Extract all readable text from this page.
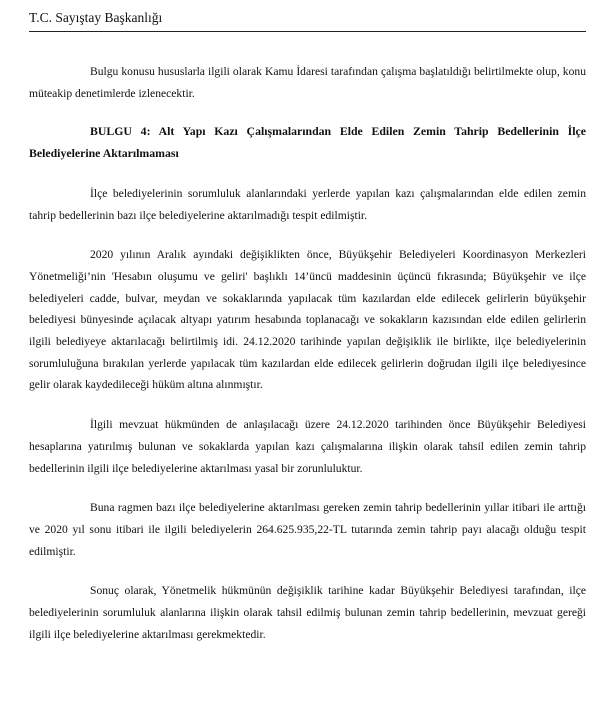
T.C. Sayıştay Başkanlığı

Bulgu konusu hususlarla ilgili olarak Kamu İdaresi tarafından çalışma başlatıldığı belirtilmekte olup, konu müteakip denetimlerde izlenecektir.

BULGU 4: Alt Yapı Kazı Çalışmalarından Elde Edilen Zemin Tahrip Bedellerinin İlçe Belediyelerine Aktarılmaması

İlçe belediyelerinin sorumluluk alanlarındaki yerlerde yapılan kazı çalışmalarından elde edilen zemin tahrip bedellerinin bazı ilçe belediyelerine aktarılmadığı tespit edilmiştir.

2020 yılının Aralık ayındaki değişiklikten önce, Büyükşehir Belediyeleri Koordinasyon Merkezleri Yönetmeliği’nin 'Hesabın oluşumu ve geliri' başlıklı 14’üncü maddesinin üçüncü fıkrasında; Büyükşehir ve ilçe belediyeleri cadde, bulvar, meydan ve sokaklarında yapılacak tüm kazılardan elde edilecek gelirlerin büyükşehir belediyesi bünyesinde açılacak altyapı yatırım hesabında toplanacağı ve sokakların kazısından elde edilen gelirlerin ilgili belediyeye aktarılacağı belirtilmiş idi. 24.12.2020 tarihinde yapılan değişiklik ile birlikte, ilçe belediyelerinin sorumluluğuna bırakılan yerlerde yapılacak tüm kazılardan elde edilecek gelirlerin doğrudan ilgili ilçe belediyesince gelir olarak kaydedileceği hüküm altına alınmıştır.

İlgili mevzuat hükmünden de anlaşılacağı üzere 24.12.2020 tarihinden önce Büyükşehir Belediyesi hesaplarına yatırılmış bulunan ve sokaklarda yapılan kazı çalışmalarına ilişkin olarak tahsil edilen zemin tahrip bedellerinin ilgili ilçe belediyelerine aktarılması yasal bir zorunluluktur.

Buna ragmen bazı ilçe belediyelerine aktarılması gereken zemin tahrip bedellerinin yıllar itibari ile arttığı ve 2020 yıl sonu itibari ile ilgili belediyelerin 264.625.935,22-TL tutarında zemin tahrip payı alacağı olduğu tespit edilmiştir.

Sonuç olarak, Yönetmelik hükmünün değişiklik tarihine kadar Büyükşehir Belediyesi tarafından, ilçe belediyelerinin sorumluluk alanlarına ilişkin olarak tahsil edilmiş bulunan zemin tahrip bedellerinin, mevzuat gereği ilgili ilçe belediyelerine aktarılması gerekmektedir.
